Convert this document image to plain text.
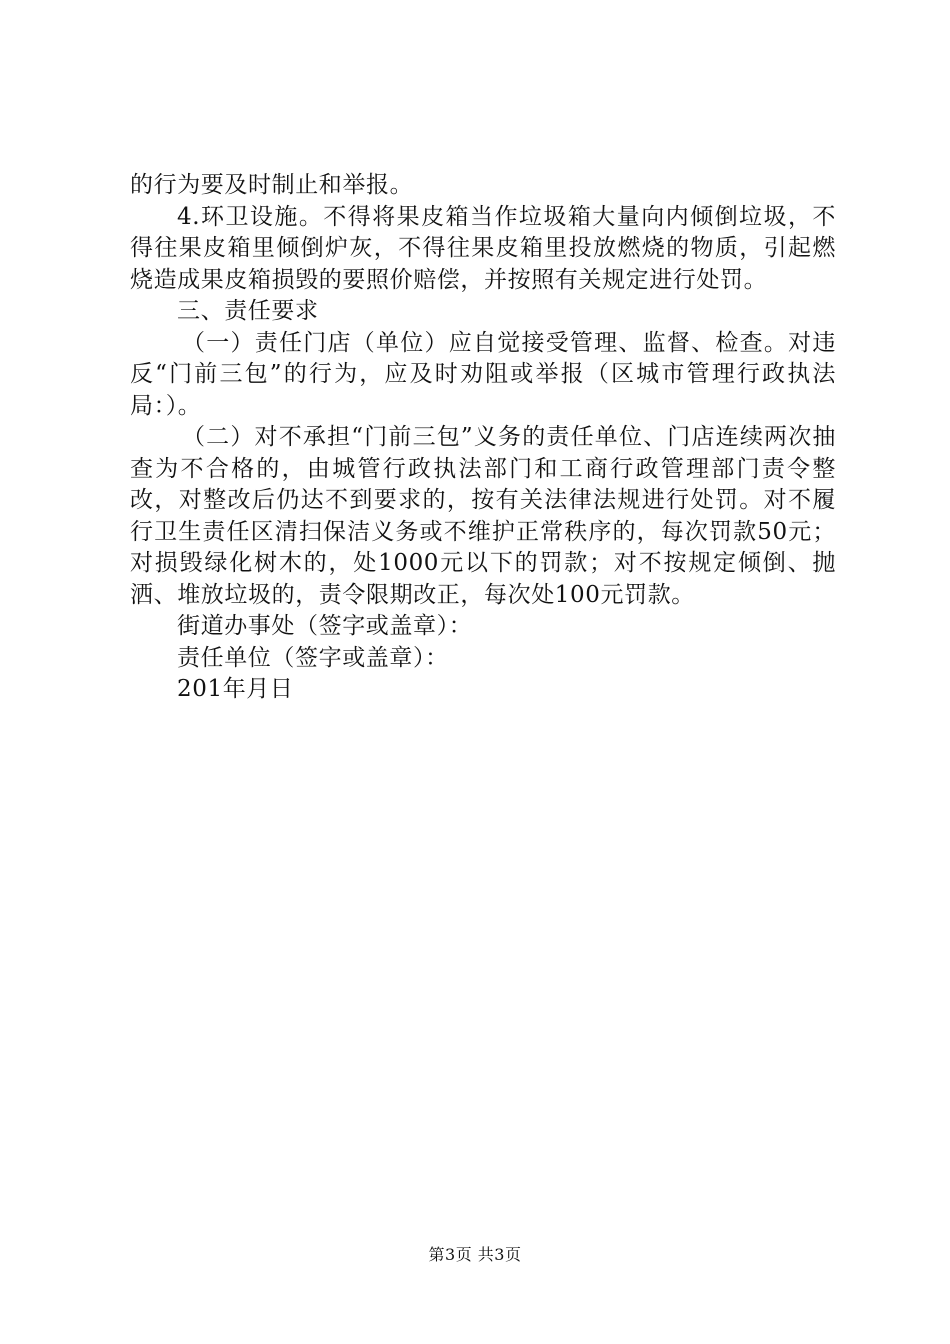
的行为要及时制止和举报。

4.环卫设施。不得将果皮箱当作垃圾箱大量向内倾倒垃圾，不得往果皮箱里倾倒炉灰，不得往果皮箱里投放燃烧的物质，引起燃烧造成果皮箱损毁的要照价赔偿，并按照有关规定进行处罚。

三、责任要求

（一）责任门店（单位）应自觉接受管理、监督、检查。对违反“门前三包”的行为，应及时劝阻或举报（区城市管理行政执法局：）。

（二）对不承担“门前三包”义务的责任单位、门店连续两次抽查为不合格的，由城管行政执法部门和工商行政管理部门责令整改，对整改后仍达不到要求的，按有关法律法规进行处罚。对不履行卫生责任区清扫保洁义务或不维护正常秩序的，每次罚款50元；对损毁绿化树木的，处1000元以下的罚款；对不按规定倾倒、抛洒、堆放垃圾的，责令限期改正，每次处100元罚款。

街道办事处（签字或盖章）：

责任单位（签字或盖章）：

201年月日

第3页 共3页
